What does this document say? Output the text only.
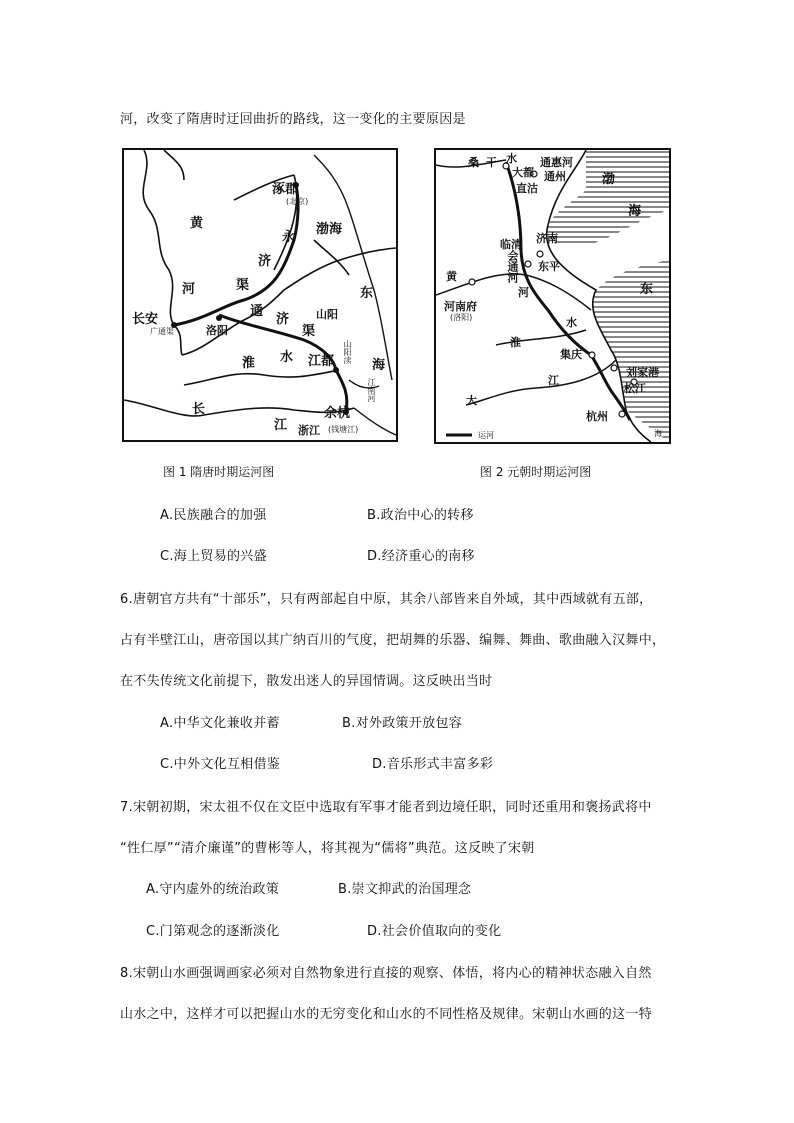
河，改变了隋唐时迂回曲折的路线，这一变化的主要原因是
涿郡
(北京)
渤海
黄
河
永
济
渠
长安
广通渠	洛阳
通
济
渠
山阳
东
海
淮 水 江都 山阳渎
江南河
长
江
余杭
浙江 (钱塘江)
图 1 隋唐时期运河图
桑 干 水
大都
通惠河
通州
直沽
渤
海
临清 济南
会通河 东平
黄
河
河南府
(洛阳)
东
水
淮
集庆
江
大
刘家港
松江
杭州
运河	海
图 2 元朝时期运河图
A.民族融合的加强	B.政治中心的转移
C.海上贸易的兴盛	D.经济重心的南移
6.唐朝官方共有“十部乐”，只有两部起自中原，其余八部皆来自外域，其中西域就有五部，
占有半壁江山，唐帝国以其广纳百川的气度，把胡舞的乐器、编舞、舞曲、歌曲融入汉舞中，
在不失传统文化前提下，散发出迷人的异国情调。这反映出当时
A.中华文化兼收并蓄	B.对外政策开放包容
C.中外文化互相借鉴	D.音乐形式丰富多彩
7.宋朝初期，宋太祖不仅在文臣中选取有军事才能者到边境任职，同时还重用和褒扬武将中
“性仁厚”“清介廉谨”的曹彬等人，将其视为“儒将”典范。这反映了宋朝
A.守内虚外的统治政策	B.崇文抑武的治国理念
C.门第观念的逐渐淡化	D.社会价值取向的变化
8.宋朝山水画强调画家必须对自然物象进行直接的观察、体悟，将内心的精神状态融入自然
山水之中，这样才可以把握山水的无穷变化和山水的不同性格及规律。宋朝山水画的这一特
